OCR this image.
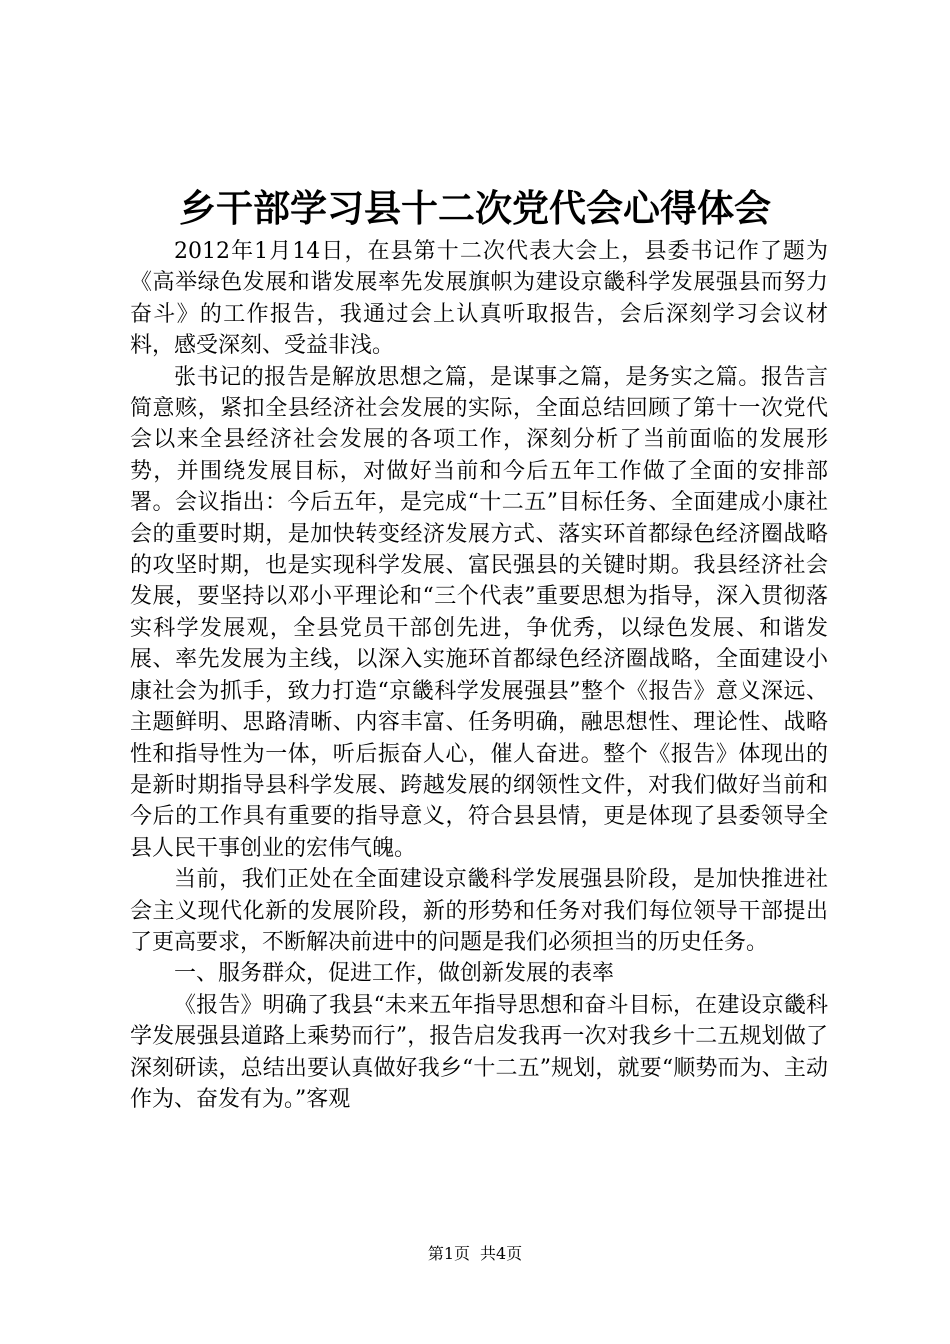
乡干部学习县十二次党代会心得体会

2012年1月14日，在县第十二次代表大会上，县委书记作了题为《高举绿色发展和谐发展率先发展旗帜为建设京畿科学发展强县而努力奋斗》的工作报告，我通过会上认真听取报告，会后深刻学习会议材料，感受深刻、受益非浅。

张书记的报告是解放思想之篇，是谋事之篇，是务实之篇。报告言简意赅，紧扣全县经济社会发展的实际，全面总结回顾了第十一次党代会以来全县经济社会发展的各项工作，深刻分析了当前面临的发展形势，并围绕发展目标，对做好当前和今后五年工作做了全面的安排部署。会议指出：今后五年，是完成“十二五”目标任务、全面建成小康社会的重要时期，是加快转变经济发展方式、落实环首都绿色经济圈战略的攻坚时期，也是实现科学发展、富民强县的关键时期。我县经济社会发展，要坚持以邓小平理论和“三个代表”重要思想为指导，深入贯彻落实科学发展观，全县党员干部创先进，争优秀，以绿色发展、和谐发展、率先发展为主线，以深入实施环首都绿色经济圈战略，全面建设小康社会为抓手，致力打造“京畿科学发展强县”整个《报告》意义深远、主题鲜明、思路清晰、内容丰富、任务明确，融思想性、理论性、战略性和指导性为一体，听后振奋人心，催人奋进。整个《报告》体现出的是新时期指导县科学发展、跨越发展的纲领性文件，对我们做好当前和今后的工作具有重要的指导意义，符合县县情，更是体现了县委领导全县人民干事创业的宏伟气魄。

当前，我们正处在全面建设京畿科学发展强县阶段，是加快推进社会主义现代化新的发展阶段，新的形势和任务对我们每位领导干部提出了更高要求，不断解决前进中的问题是我们必须担当的历史任务。

一、服务群众，促进工作，做创新发展的表率

《报告》明确了我县“未来五年指导思想和奋斗目标，在建设京畿科学发展强县道路上乘势而行”，报告启发我再一次对我乡十二五规划做了深刻研读，总结出要认真做好我乡“十二五”规划，就要“顺势而为、主动作为、奋发有为。”客观

第1页 共4页
